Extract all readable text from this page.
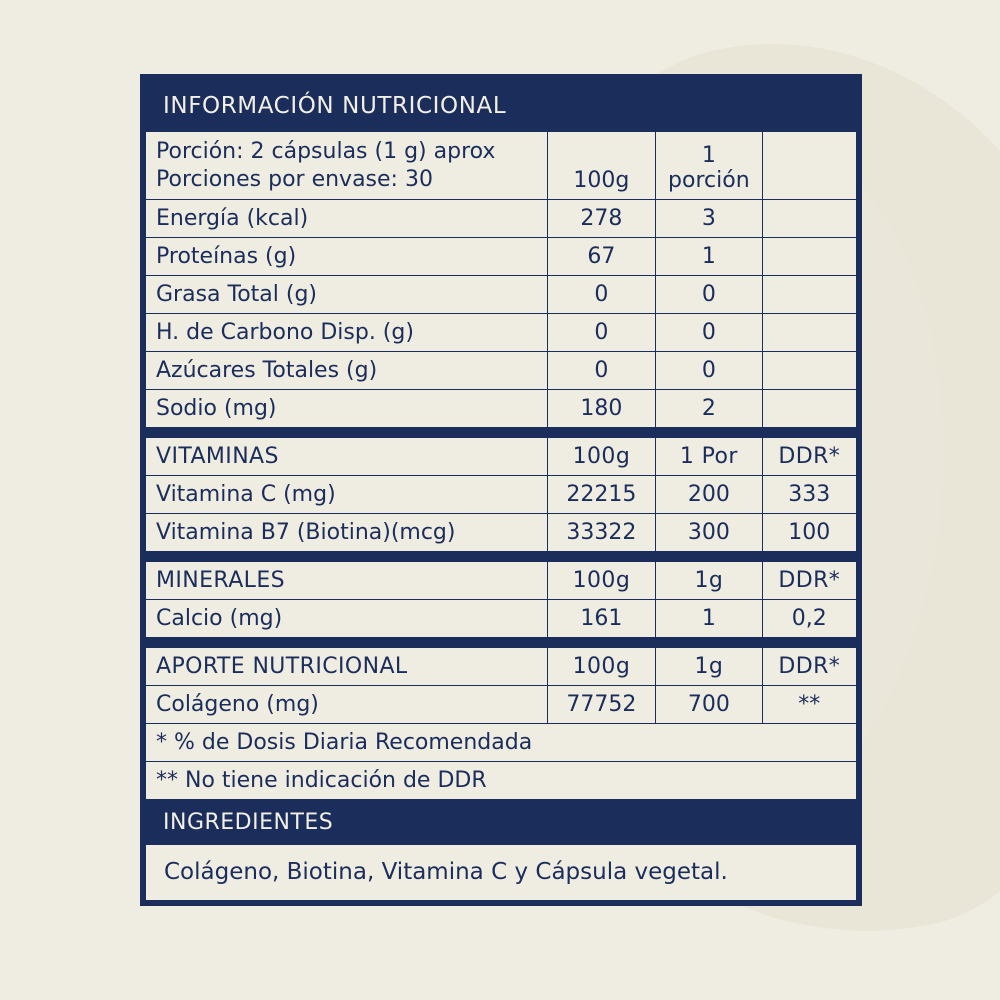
INFORMACIÓN NUTRICIONAL
Porción: 2 cápsulas (1 g) aprox
Porciones por envase: 30	100g	1 porción	
Energía (kcal)	278	3	
Proteínas (g)	67	1	
Grasa Total (g)	0	0	
H. de Carbono Disp. (g)	0	0	
Azúcares Totales (g)	0	0	
Sodio (mg)	180	2	
VITAMINAS	100g	1 Por	DDR*
Vitamina C (mg)	22215	200	333
Vitamina B7 (Biotina)(mcg)	33322	300	100
MINERALES	100g	1g	DDR*
Calcio (mg)	161	1	0,2
APORTE NUTRICIONAL	100g	1g	DDR*
Colágeno (mg)	77752	700	**
* % de Dosis Diaria Recomendada			
** No tiene indicación de DDR			
INGREDIENTES
Colágeno, Biotina, Vitamina C y Cápsula vegetal.
